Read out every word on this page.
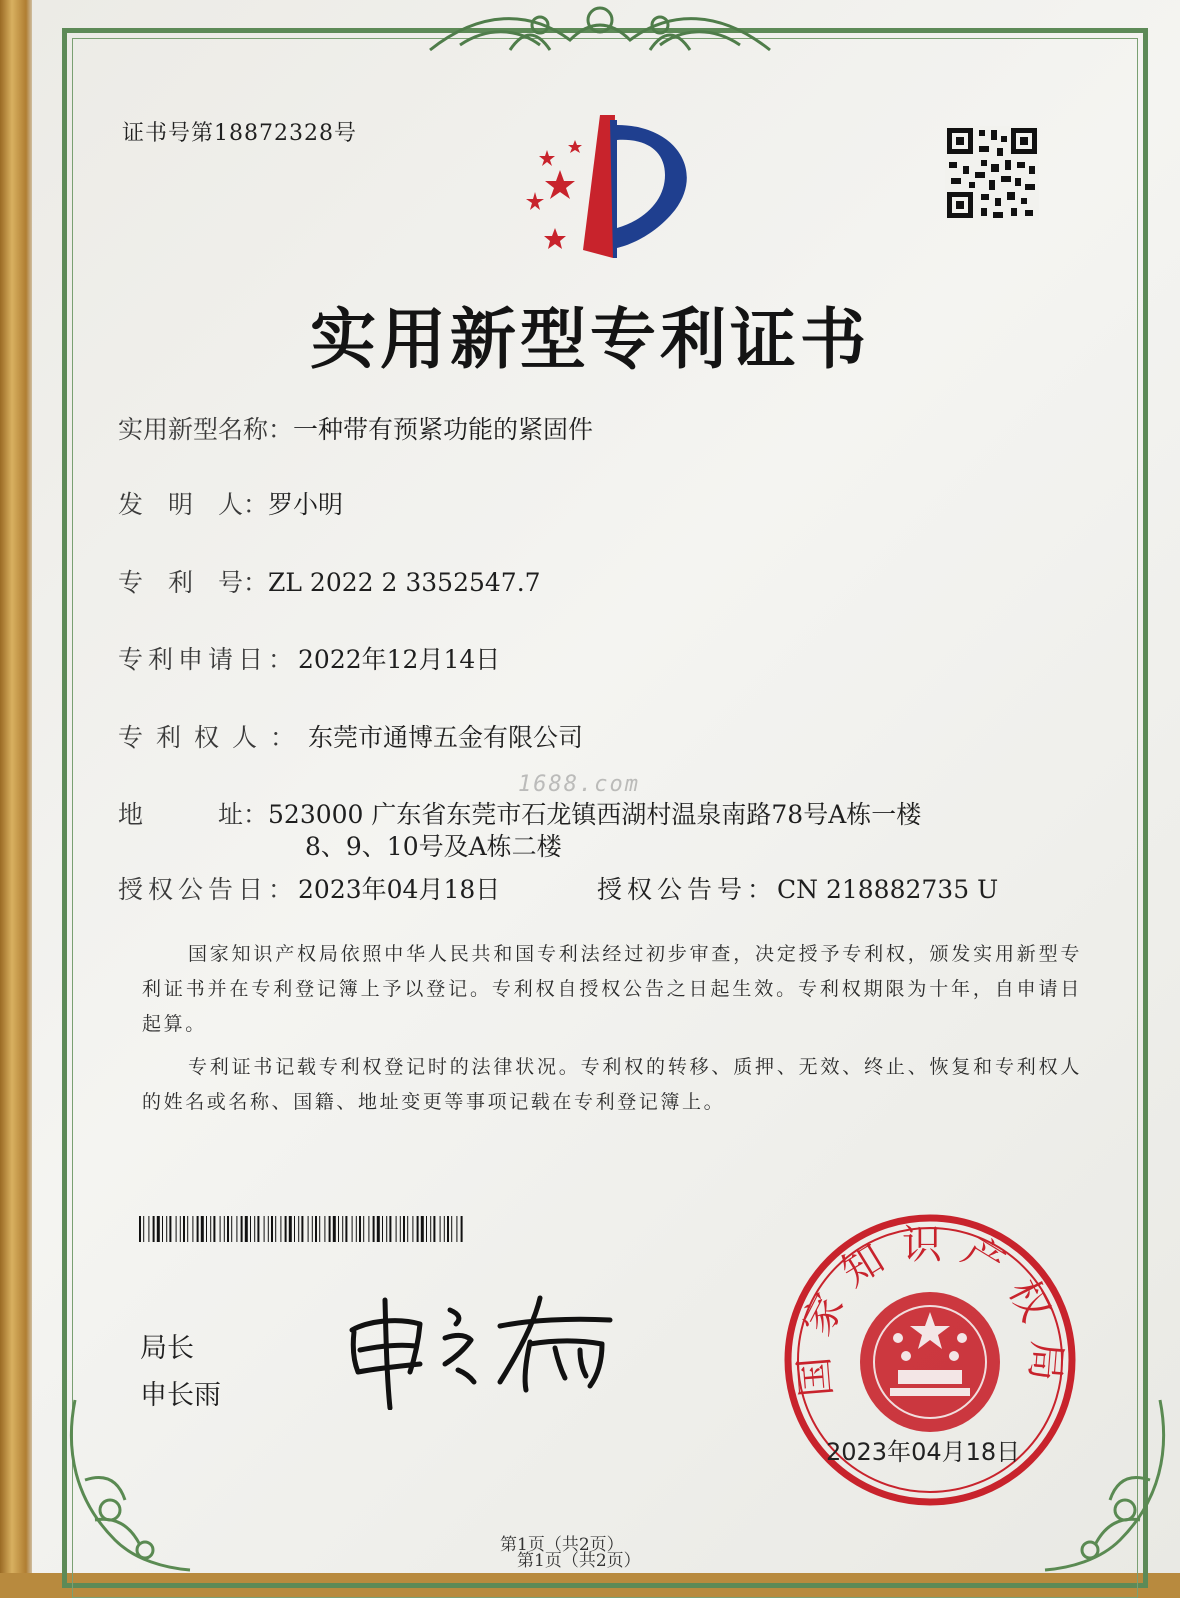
证书号第18872328号
实用新型专利证书
实用新型名称：一种带有预紧功能的紧固件
发　明　人：罗小明
专　利　号：ZL 2022 2 3352547.7
专利申请日：2022年12月14日
专利权人：东莞市通博五金有限公司
1688.com
地　　　址：523000 广东省东莞市石龙镇西湖村温泉南路78号A栋一楼
8、9、10号及A栋二楼
授权公告日：2023年04月18日	授权公告号：CN 218882735 U
国家知识产权局依照中华人民共和国专利法经过初步审查，决定授予专利权，颁发实用新型专利证书并在专利登记簿上予以登记。专利权自授权公告之日起生效。专利权期限为十年，自申请日起算。
专利证书记载专利权登记时的法律状况。专利权的转移、质押、无效、终止、恢复和专利权人的姓名或名称、国籍、地址变更等事项记载在专利登记簿上。
局长
申长雨	国家知识产权局
2023年04月18日
第1页（共2页）
第1页（共2页）
